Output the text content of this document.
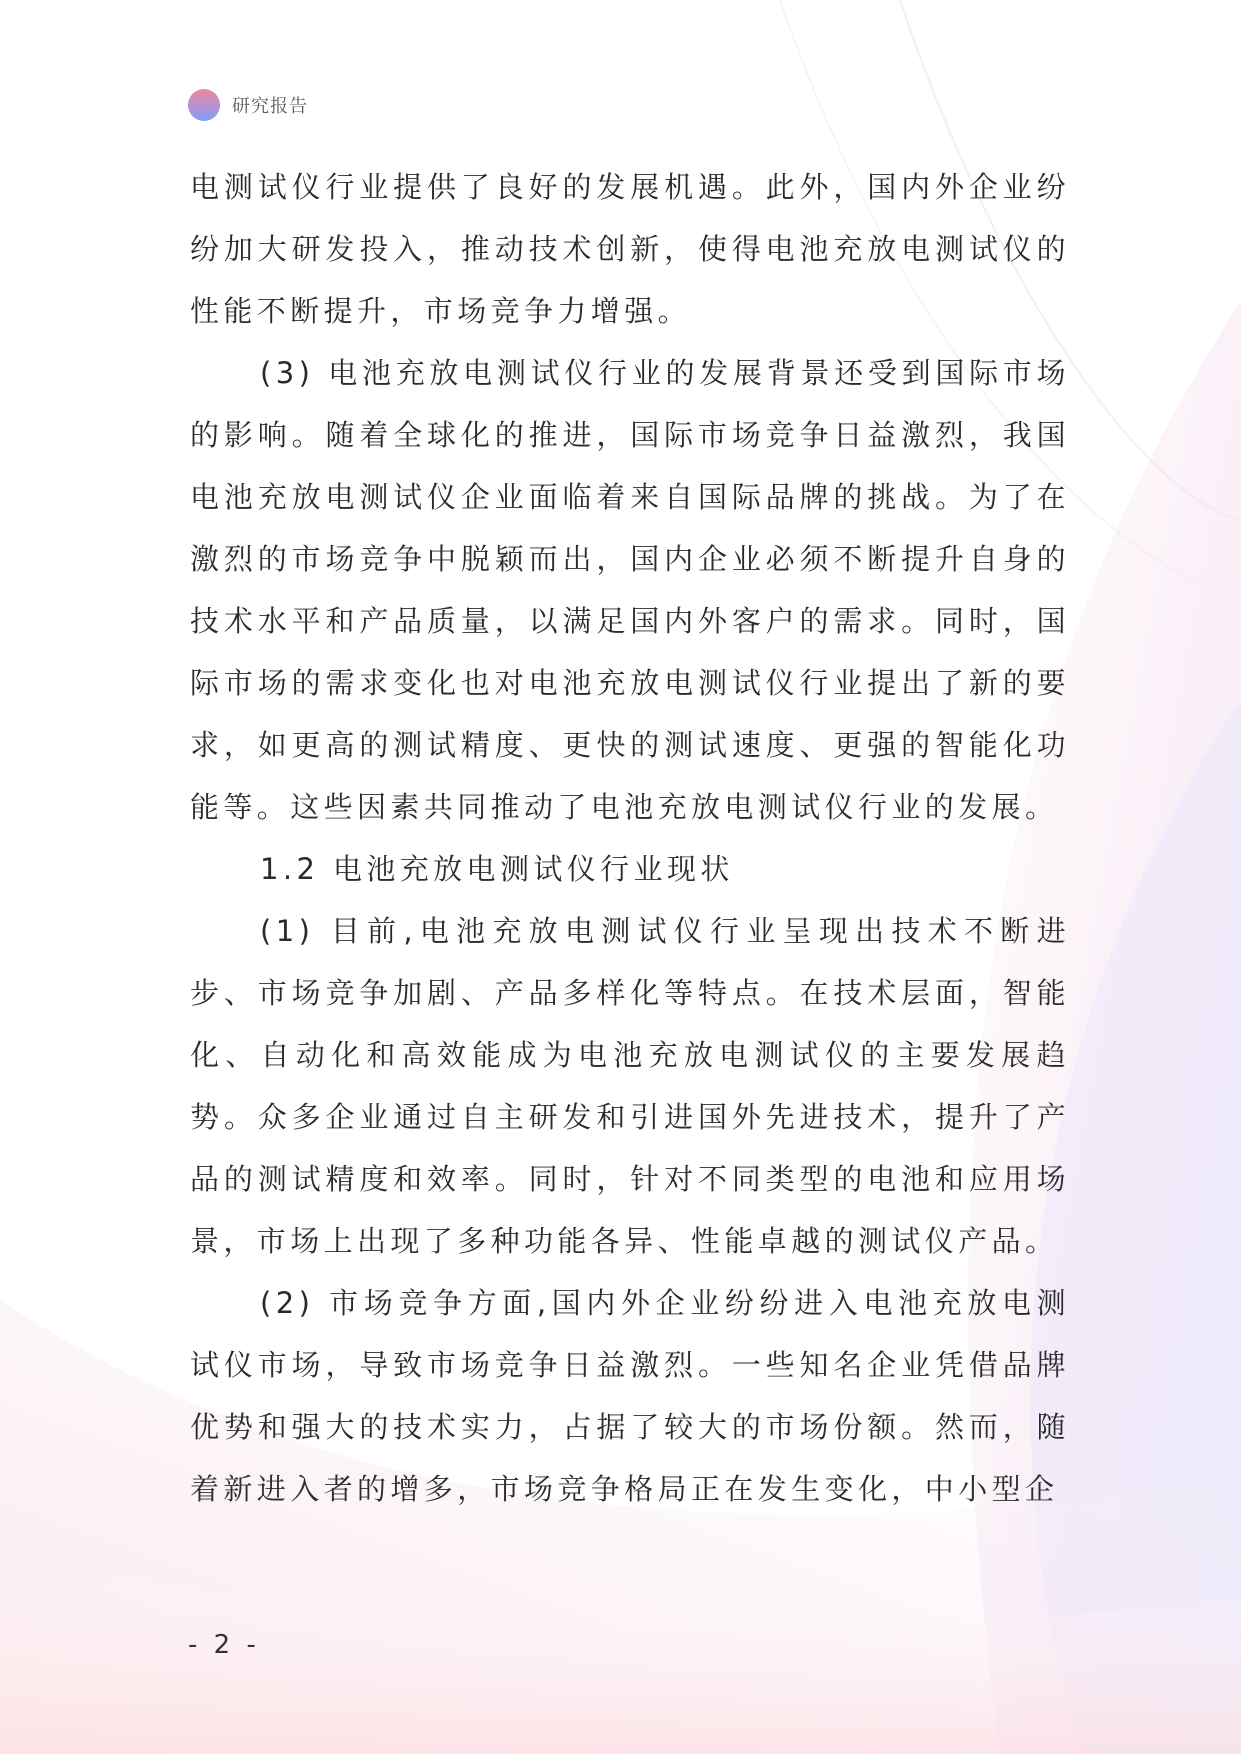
研究报告

电测试仪行业提供了良好的发展机遇。此外，国内外企业纷纷加大研发投入，推动技术创新，使得电池充放电测试仪的性能不断提升，市场竞争力增强。

(3) 电池充放电测试仪行业的发展背景还受到国际市场的影响。随着全球化的推进，国际市场竞争日益激烈，我国电池充放电测试仪企业面临着来自国际品牌的挑战。为了在激烈的市场竞争中脱颖而出，国内企业必须不断提升自身的技术水平和产品质量，以满足国内外客户的需求。同时，国际市场的需求变化也对电池充放电测试仪行业提出了新的要求，如更高的测试精度、更快的测试速度、更强的智能化功能等。这些因素共同推动了电池充放电测试仪行业的发展。

1.2 电池充放电测试仪行业现状

(1) 目前,电池充放电测试仪行业呈现出技术不断进步、市场竞争加剧、产品多样化等特点。在技术层面，智能化、自动化和高效能成为电池充放电测试仪的主要发展趋势。众多企业通过自主研发和引进国外先进技术，提升了产品的测试精度和效率。同时，针对不同类型的电池和应用场景，市场上出现了多种功能各异、性能卓越的测试仪产品。

(2) 市场竞争方面,国内外企业纷纷进入电池充放电测试仪市场，导致市场竞争日益激烈。一些知名企业凭借品牌优势和强大的技术实力，占据了较大的市场份额。然而，随着新进入者的增多，市场竞争格局正在发生变化，中小型企

- 2 -
